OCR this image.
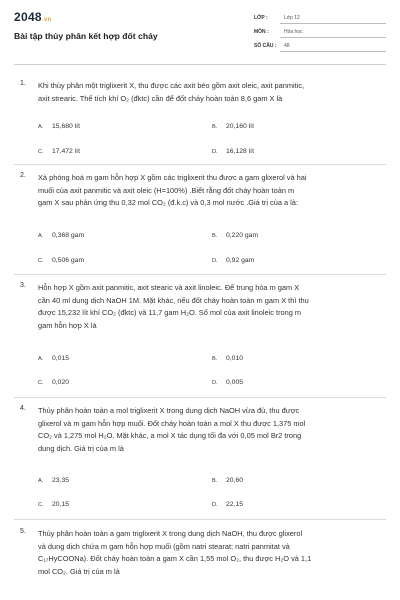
2048.vn
Bài tập thủy phân kết hợp đốt cháy
LỚP :	Lớp 12
MÔN :	Hóa học
SỐ CÂU : 48
1. Khi thủy phân một triglixerit X, thu được các axit béo gồm axit oleic, axit panmitic,
axit strearic. Thể tích khí O₂ (đktc) cần để đốt cháy hoàn toàn 8,6 gam X là
A. 15,680 lít	B. 20,160 lít
C. 17,472 lít	D. 16,128 lít
2. Xà phòng hoá m gam hỗn hợp X gồm các triglixerit thu được a gam glixerol và hai
muối của axit panmitic và axit oleic (H=100%) .Biết rằng đốt cháy hoàn toàn m
gam X sau phản ứng thu 0,32 mol CO₂ (đ.k.c) và 0,3 mol nước .Giá trị của a là:
A. 0,368 gam	B. 0,220 gam
C. 0,506 gam	D. 0,92 gam
3. Hỗn hợp X gồm axit panmitic, axit stearic và axit linoleic. Để trung hòa m gam X
cần 40 ml dung dịch NaOH 1M. Mặt khác, nếu đốt cháy hoàn toàn m gam X thì thu
được 15,232 lít khí CO₂ (đktc) và 11,7 gam H₂O. Số mol của axit linoleic trong m
gam hỗn hợp X là
A. 0,015	B. 0,010
C. 0,020	D. 0,005
4. Thủy phân hoàn toàn a mol triglixerit X trong dung dịch NaOH vừa đủ, thu được
glixerol và m gam hỗn hợp muối. Đốt cháy hoàn toàn a mol X thu được 1,375 mol
CO₂ và 1,275 mol H₂O. Mặt khác, a mol X tác dụng tối đa với 0,05 mol Br2 trong
dung dịch. Giá trị của m là
A. 23,35	B. 20,60
C. 20,15	D. 22,15
5. Thủy phân hoàn toàn a gam triglixerit X trong dung dịch NaOH, thu được glixerol
và dung dịch chứa m gam hỗn hợp muối (gồm natri stearat; natri panmitat và
C₁₇HyCOONa). Đốt cháy hoàn toàn a gam X cần 1,55 mol O₂, thu được H₂O và 1,1
mol CO₂. Giá trị của m là
